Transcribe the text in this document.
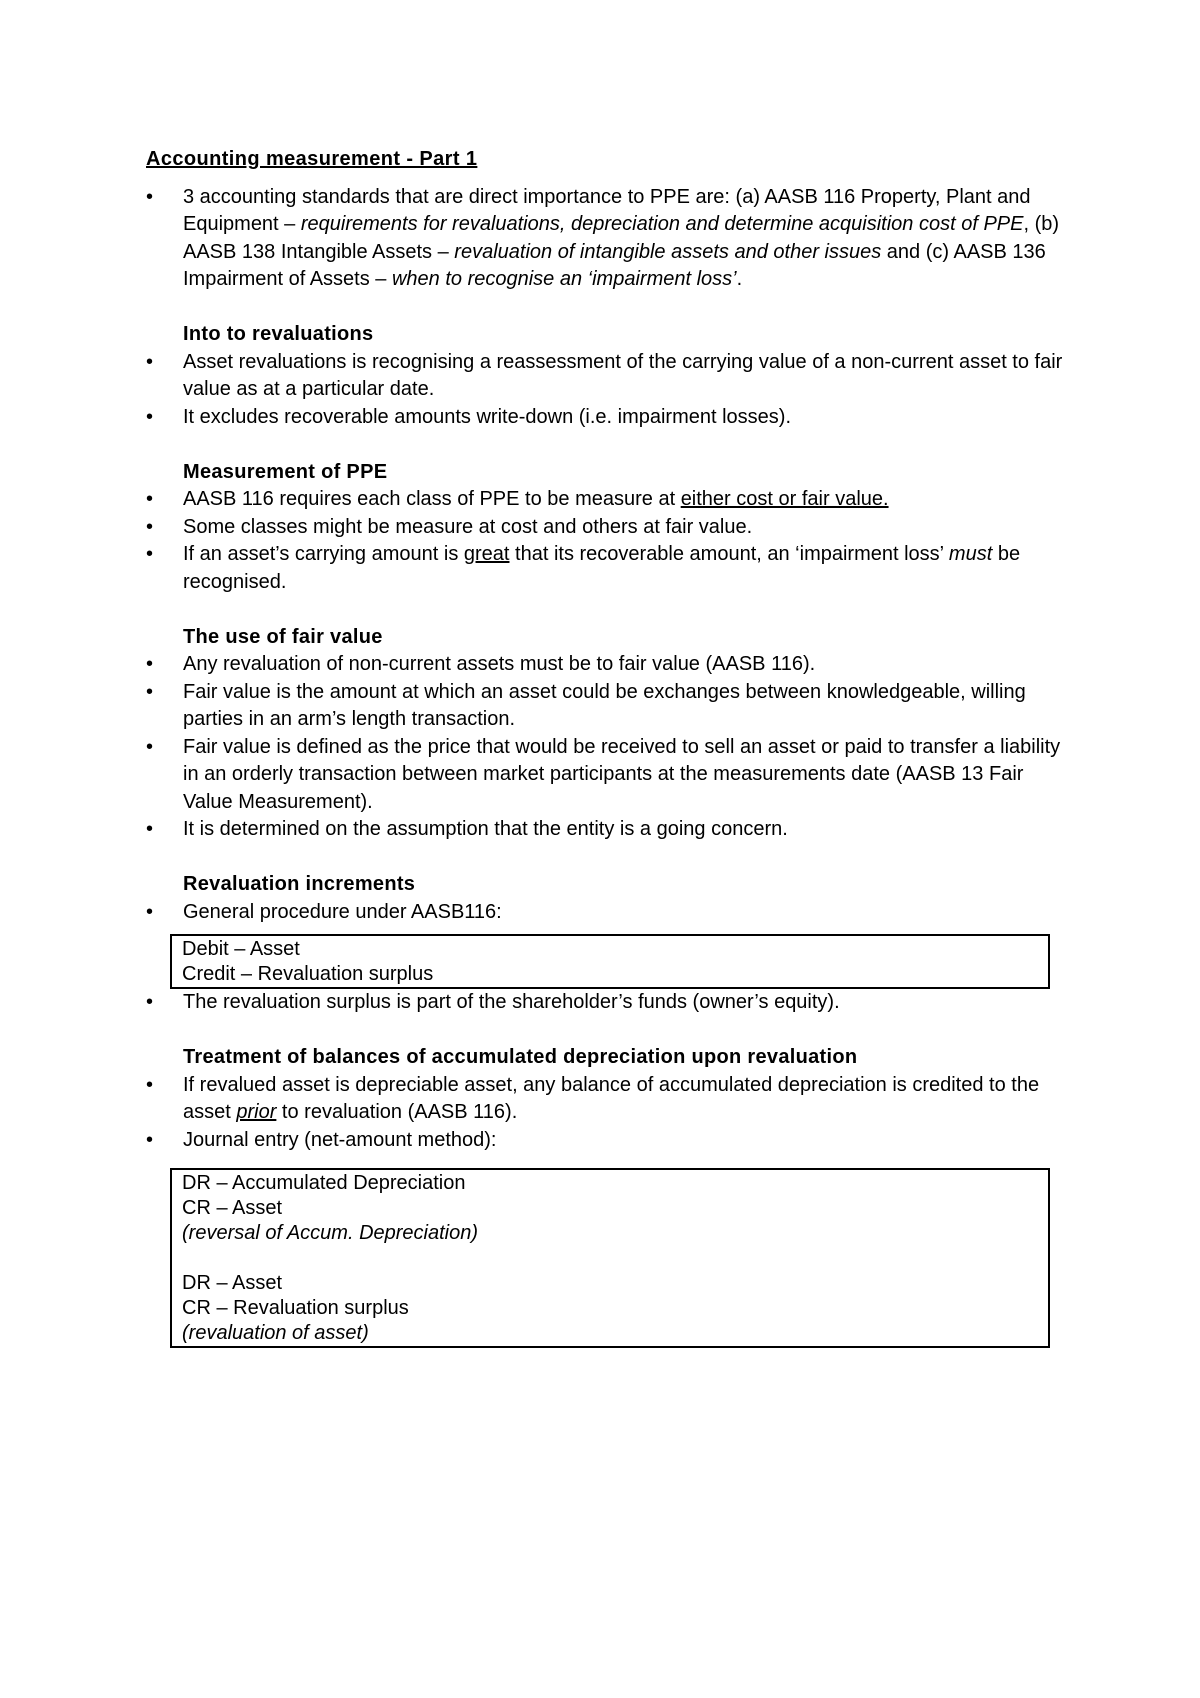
Accounting measurement - Part 1
•	3 accounting standards that are direct importance to PPE are: (a) AASB 116 Property, Plant and Equipment – requirements for revaluations, depreciation and determine acquisition cost of PPE, (b) AASB 138 Intangible Assets – revaluation of intangible assets and other issues and (c) AASB 136 Impairment of Assets – when to recognise an ‘impairment loss’.
Into to revaluations
•	Asset revaluations is recognising a reassessment of the carrying value of a non-current asset to fair value as at a particular date.
•	It excludes recoverable amounts write-down (i.e. impairment losses).
Measurement of PPE
•	AASB 116 requires each class of PPE to be measure at either cost or fair value.
•	Some classes might be measure at cost and others at fair value.
•	If an asset’s carrying amount is great that its recoverable amount, an ‘impairment loss’ must be recognised.
The use of fair value
•	Any revaluation of non-current assets must be to fair value (AASB 116).
•	Fair value is the amount at which an asset could be exchanges between knowledgeable, willing parties in an arm’s length transaction.
•	Fair value is defined as the price that would be received to sell an asset or paid to transfer a liability in an orderly transaction between market participants at the measurements date (AASB 13 Fair Value Measurement).
•	It is determined on the assumption that the entity is a going concern.
Revaluation increments
•	General procedure under AASB116:
Debit – Asset
Credit – Revaluation surplus
•	The revaluation surplus is part of the shareholder’s funds (owner’s equity).
Treatment of balances of accumulated depreciation upon revaluation
•	If revalued asset is depreciable asset, any balance of accumulated depreciation is credited to the asset prior to revaluation (AASB 116).
•	Journal entry (net-amount method):
DR – Accumulated Depreciation
CR – Asset
(reversal of Accum. Depreciation)
DR – Asset
CR – Revaluation surplus
(revaluation of asset)
